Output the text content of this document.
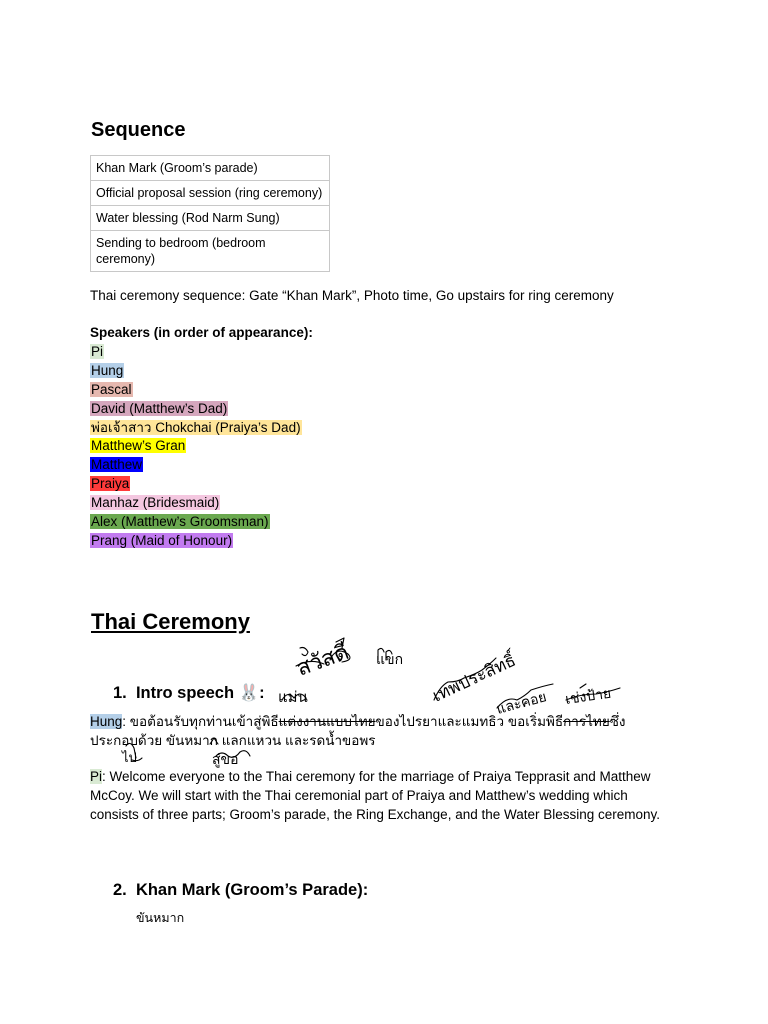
Sequence
Khan Mark (Groom’s parade)
Official proposal session (ring ceremony)
Water blessing (Rod Narm Sung)
Sending to bedroom (bedroom ceremony)

Thai ceremony sequence: Gate “Khan Mark”, Photo time, Go upstairs for ring ceremony

Speakers (in order of appearance):

Pi
Hung
Pascal
David (Matthew’s Dad)
พ่อเจ้าสาว Chokchai (Praiya’s Dad)
Matthew’s Gran
Matthew
Praiya
Manhaz (Bridesmaid)
Alex (Matthew’s Groomsman)
Prang (Maid of Honour)
Thai Ceremony
1. Intro speech 🐰:
Hung: ขอต้อนรับทุกท่านเข้าสู่พิธีแต่งงานแบบไทยของไปรยาและแมทธิว ขอเริ่มพิธีการไทยซึ่ง
ประกอบด้วย ขันหมาก แลกแหวน และรดน้ำขอพร
Pi: Welcome everyone to the Thai ceremony for the marriage of Praiya Tepprasit and Matthew McCoy. We will start with the Thai ceremonial part of Praiya and Matthew’s wedding which consists of three parts; Groom’s parade, the Ring Exchange, and the Water Blessing ceremony.
2. Khan Mark (Groom’s Parade):
ขันหมาก
แม่น
สวัสดี แขก เทพประสิทธิ์
และคอย เช่งป้าย
ไป	สู่ขอ
